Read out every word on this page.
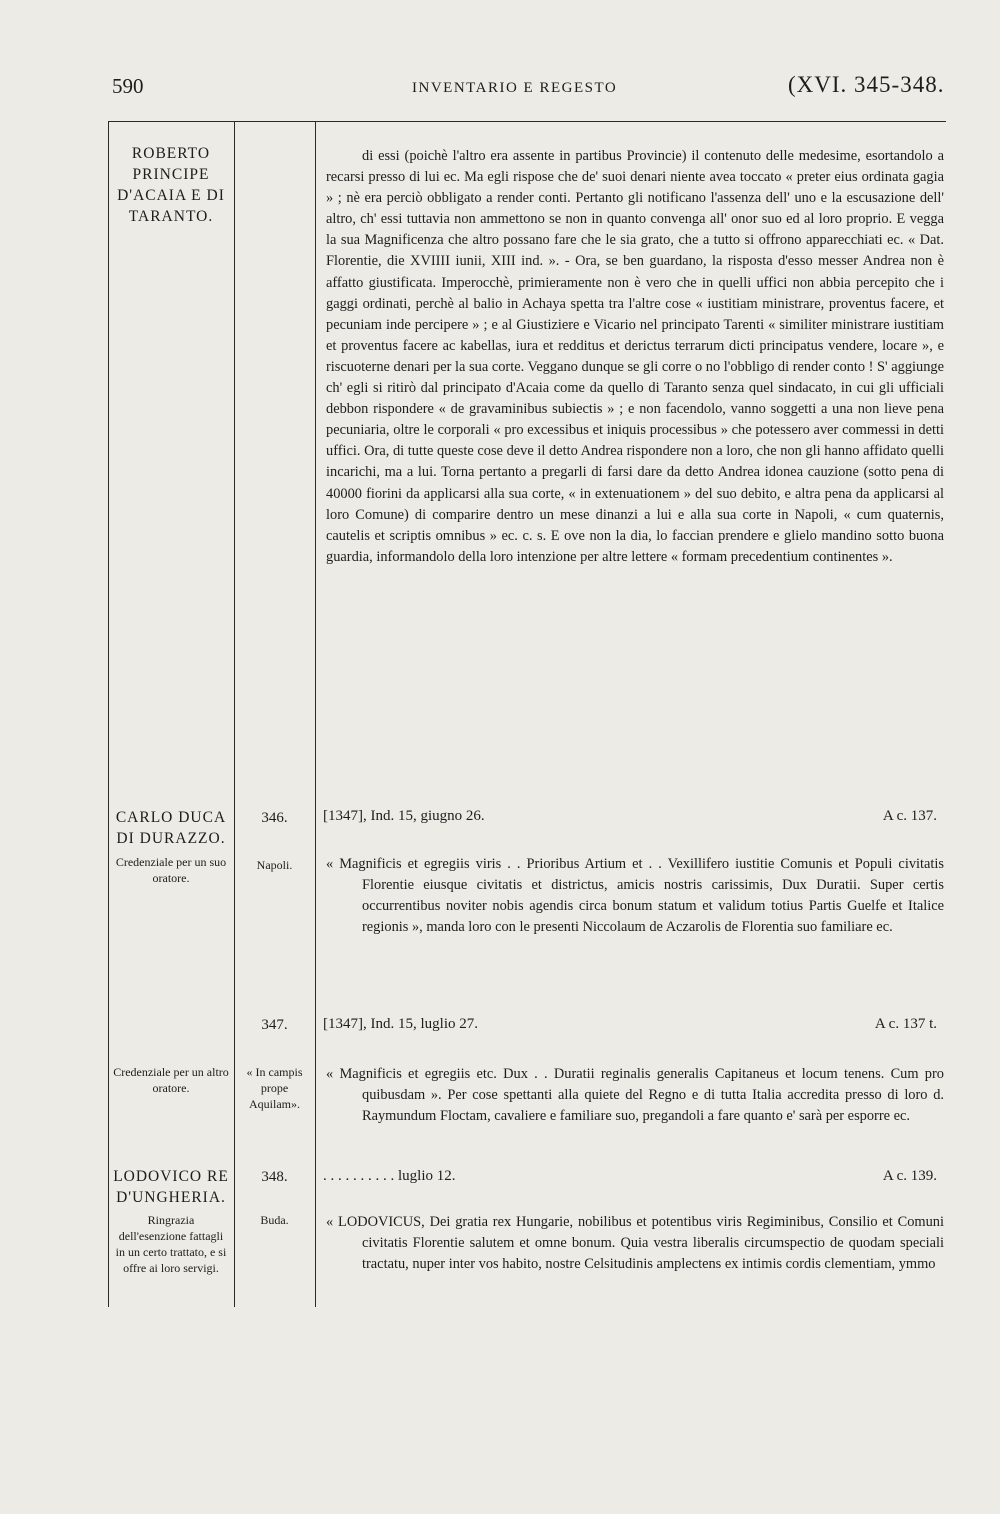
590	INVENTARIO E REGESTO	(XVI. 345-348.
ROBERTO PRINCIPE D'ACAIA E DI TARANTO.

di essi (poichè l'altro era assente in partibus Provincie) il contenuto delle medesime, esortandolo a recarsi presso di lui ec. Ma egli rispose che de' suoi denari niente avea toccato « preter eius ordinata gagia » ; nè era perciò obbligato a render conti. Pertanto gli notificano l'assenza dell' uno e la escusazione dell' altro, ch' essi tuttavia non ammettono se non in quanto convenga all' onor suo ed al loro proprio. E vegga la sua Magnificenza che altro possano fare che le sia grato, che a tutto si offrono apparecchiati ec. « Dat. Florentie, die XVIIII iunii, XIII ind. ». - Ora, se ben guardano, la risposta d'esso messer Andrea non è affatto giustificata. Imperocchè, primieramente non è vero che in quelli uffici non abbia percepito che i gaggi ordinati, perchè al balio in Achaya spetta tra l'altre cose « iustitiam ministrare, proventus facere, et pecuniam inde percipere » ; e al Giustiziere e Vicario nel principato Tarenti « similiter ministrare iustitiam et proventus facere ac kabellas, iura et redditus et derictus terrarum dicti principatus vendere, locare », e riscuoterne denari per la sua corte. Veggano dunque se gli corre o no l'obbligo di render conto ! S' aggiunge ch' egli si ritirò dal principato d'Acaia come da quello di Taranto senza quel sindacato, in cui gli ufficiali debbon rispondere « de gravaminibus subiectis » ; e non facendolo, vanno soggetti a una non lieve pena pecuniaria, oltre le corporali « pro excessibus et iniquis processibus » che potessero aver commessi in detti uffici. Ora, di tutte queste cose deve il detto Andrea rispondere non a loro, che non gli hanno affidato quelli incarichi, ma a lui. Torna pertanto a pregarli di farsi dare da detto Andrea idonea cauzione (sotto pena di 40000 fiorini da applicarsi alla sua corte, « in extenuationem » del suo debito, e altra pena da applicarsi al loro Comune) di comparire dentro un mese dinanzi a lui e alla sua corte in Napoli, « cum quaternis, cautelis et scriptis omnibus » ec. c. s. E ove non la dia, lo faccian prendere e glielo mandino sotto buona guardia, informandolo della loro intenzione per altre lettere « formam precedentium continentes ».

CARLO DUCA DI DURAZZO.
Credenziale per un suo oratore.
346.
Napoli.
A c. 137.
[1347], Ind. 15, giugno 26.

« Magnificis et egregiis viris . . Prioribus Artium et . . Vexillifero iustitie Comunis et Populi civitatis Florentie eiusque civitatis et districtus, amicis nostris carissimis, Dux Duratii. Super certis occurrentibus noviter nobis agendis circa bonum statum et validum totius Partis Guelfe et Italice regionis », manda loro con le presenti Niccolaum de Aczarolis de Florentia suo familiare ec.

347.
Credenziale per un altro oratore.
« In campis prope Aquilam».
A c. 137 t.
[1347], Ind. 15, luglio 27.

« Magnificis et egregiis etc. Dux . . Duratii reginalis generalis Capitaneus et locum tenens. Cum pro quibusdam ». Per cose spettanti alla quiete del Regno e di tutta Italia accredita presso di loro d. Raymundum Floctam, cavaliere e familiare suo, pregandoli a fare quanto e' sarà per esporre ec.

LODOVICO RE D'UNGHERIA.
Ringrazia dell'esenzione fattagli in un certo trattato, e si offre ai loro servigi.
348.
Buda.
A c. 139.
. . . . . . . . . . luglio 12.

« LODOVICUS, Dei gratia rex Hungarie, nobilibus et potentibus viris Regiminibus, Consilio et Comuni civitatis Florentie salutem et omne bonum. Quia vestra liberalis circumspectio de quodam speciali tractatu, nuper inter vos habito, nostre Celsitudinis amplectens ex intimis cordis clementiam, ymmo
